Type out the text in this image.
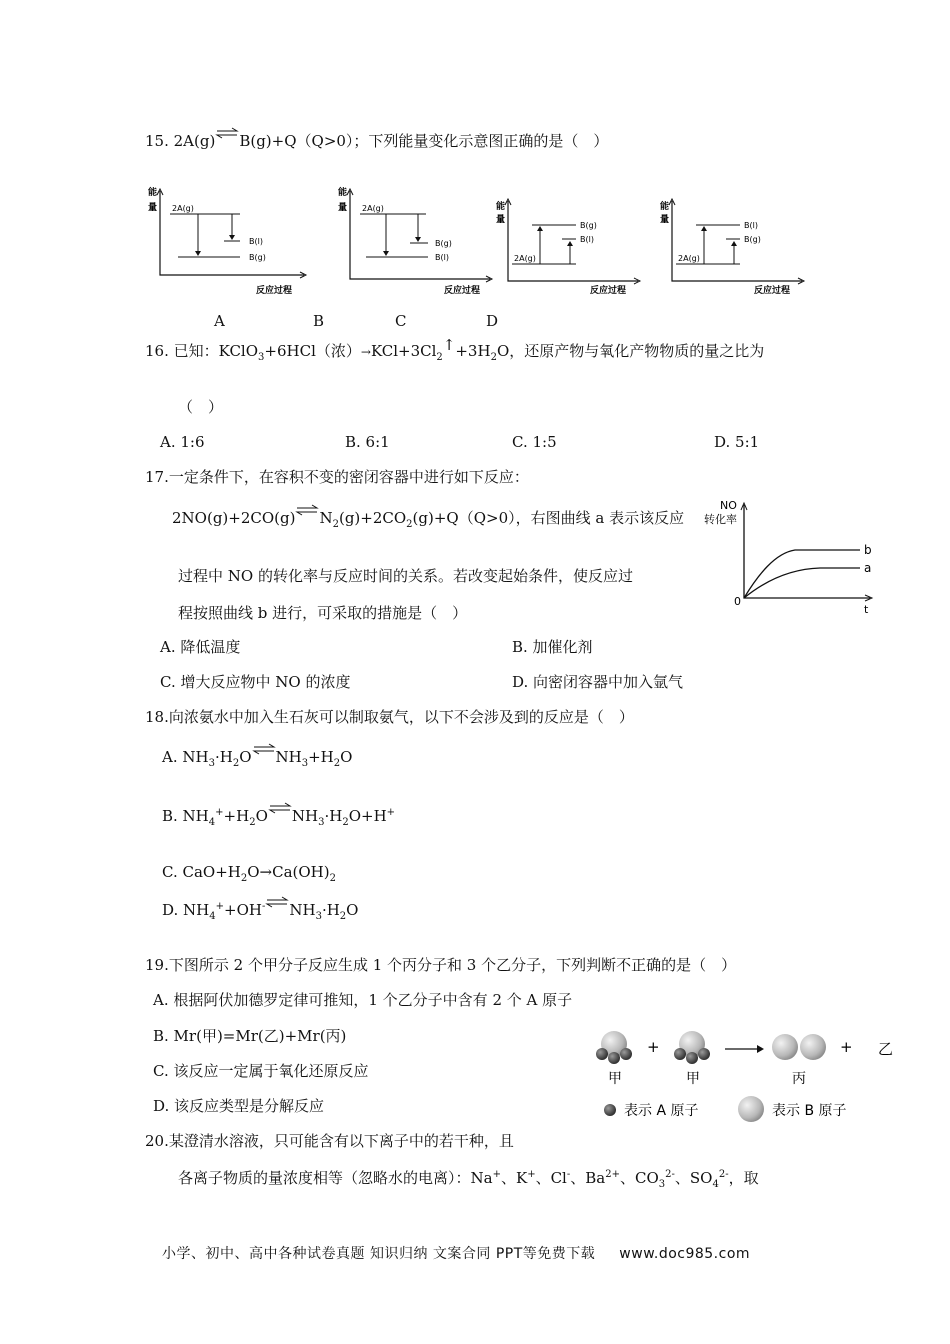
15. 2A(g)⇌B(g)+Q（Q>0）；下列能量变化示意图正确的是（　）
能
量
反应过程
2A(g)
B(l)
B(g)
能
量
反应过程
2A(g)
B(g)
B(l)
能
量
反应过程
2A(g)
B(g)
B(l)
能
量
反应过程
2A(g)
B(l)
B(g)
A	B	C	D
16. 已知：KClO$_3$+6HCl（浓）$\to KCl+3Cl_2↑+3H_2O$，还原产物与氧化产物物质的量之比为
（　）
A. 1:6	B. 6:1	C. 1:5	D. 5:1
17.一定条件下，在容积不变的密闭容器中进行如下反应：
$2NO(g)+2CO(g)\rightleftharpoons N_2(g)+2CO_2(g)+Q(Q>0)$，右图曲线 a 表示该反应
过程中 NO 的转化率与反应时间的关系。若改变起始条件，使反应过
程按照曲线 b 进行，可采取的措施是（　）
NO
转化率
0
t
b
a
A. 降低温度	B. 加催化剂
C. 增大反应物中 NO 的浓度	D. 向密闭容器中加入氩气
18.向浓氨水中加入生石灰可以制取氨气，以下不会涉及到的反应是（　）
A. $NH_3\cdot H_2O\rightleftharpoons NH_3+H_2O$
B. $NH_4^++H_2O\rightleftharpoons NH_3\cdot H_2O+H^+$
C. $CaO+H_2O\to Ca(OH)_2$
D. $NH_4^++OH^-\rightleftharpoons NH_3\cdot H_2O$
19.下图所示 2 个甲分子反应生成 1 个丙分子和 3 个乙分子，下列判断不正确的是（　）
A. 根据阿伏加德罗定律可推知，1 个乙分子中含有 2 个 A 原子
B. Mr(甲)=Mr(乙)+Mr(丙)
C. 该反应一定属于氧化还原反应
D. 该反应类型是分解反应
+	+ 乙
甲	甲	丙
表示 A 原子	表示 B 原子
20.某澄清水溶液，只可能含有以下离子中的若干种，且
各离子物质的量浓度相等（忽略水的电离）：Na+、K+、Cl-、$Ba^{2+}$、$CO_3^{2-}$、$SO_4^{2-}$，取
小学、初中、高中各种试卷真题 知识归纳 文案合同 PPT等免费下载 www.doc985.com
